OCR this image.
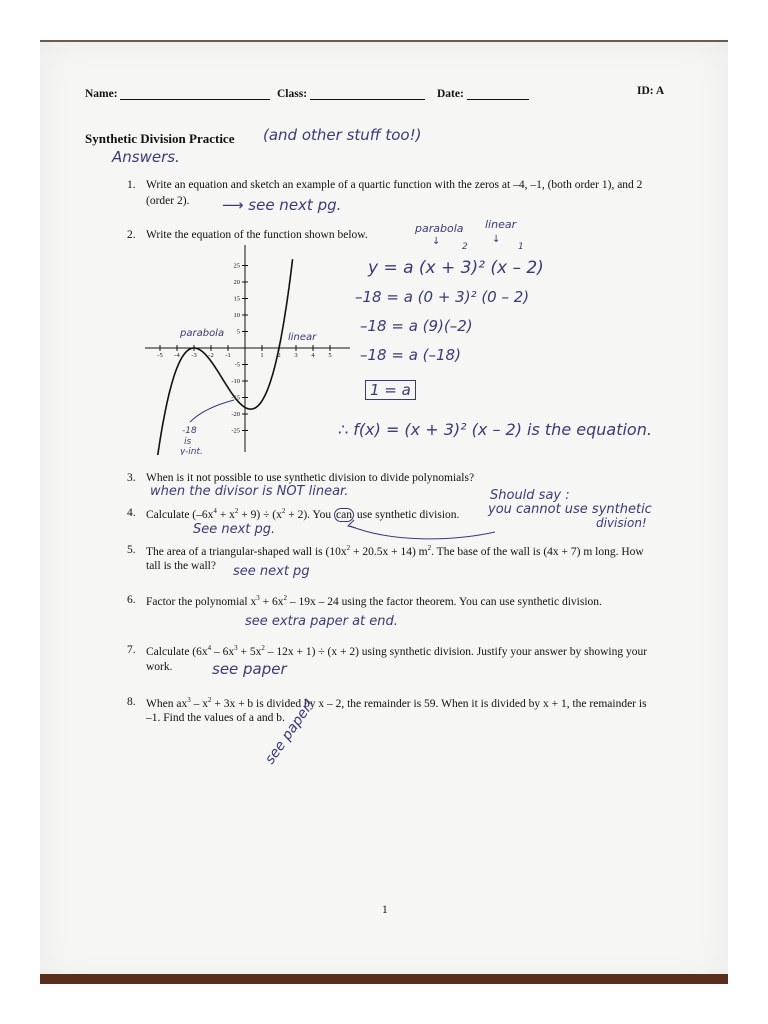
Name:	Class:	Date:	ID: A
Synthetic Division Practice (and other stuff too!)
Answers.
1. Write an equation and sketch an example of a quartic function with the zeros at –4, –1, (both order 1), and 2
(order 2). ⟶ see next pg.
2. Write the equation of the function shown below.
-5 -4 -3 -2 -1	1 2 3 4 5
25
20
15
10
5
-5
-10
-15
-20
-25
parabola	linear
-18
is
y-int.
parabola linear
↓	↓
2	1
y = a (x + 3)² (x – 2)
–18 = a (0 + 3)² (0 – 2)
–18 = a (9)(–2)
–18 = a (–18)
1 = a
∴ f(x) = (x + 3)² (x – 2) is the equation.
3. When is it not possible to use synthetic division to divide polynomials?
when the divisor is NOT linear.
4. Calculate $(-6x^4 + x^2 + 9) \div (x^2 + 2)$. You can use synthetic division.
Should say :
you cannot use synthetic
division!
See next pg.
5. The area of a triangular-shaped wall is $(10x^2 + 20.5x + 14)$ $m^2$. The base of the wall is (4x + 7) m long. How
tall is the wall? see next pg
6. Factor the polynomial $x^3 + 6x^2 - 19x - 24$ using the factor theorem. You can use synthetic division.
see extra paper at end.
7. Calculate $(6x^4 - 6x^3 + 5x^2 - 12x + 1) \div (x + 2)$ using synthetic division. Justify your answer by showing your
work.	see paper
8. When $ax^3 - x^2 + 3x + b$ is divided by x – 2, the remainder is 59. When it is divided by x + 1, the remainder is
–1. Find the values of a and b.
see paper!
1
